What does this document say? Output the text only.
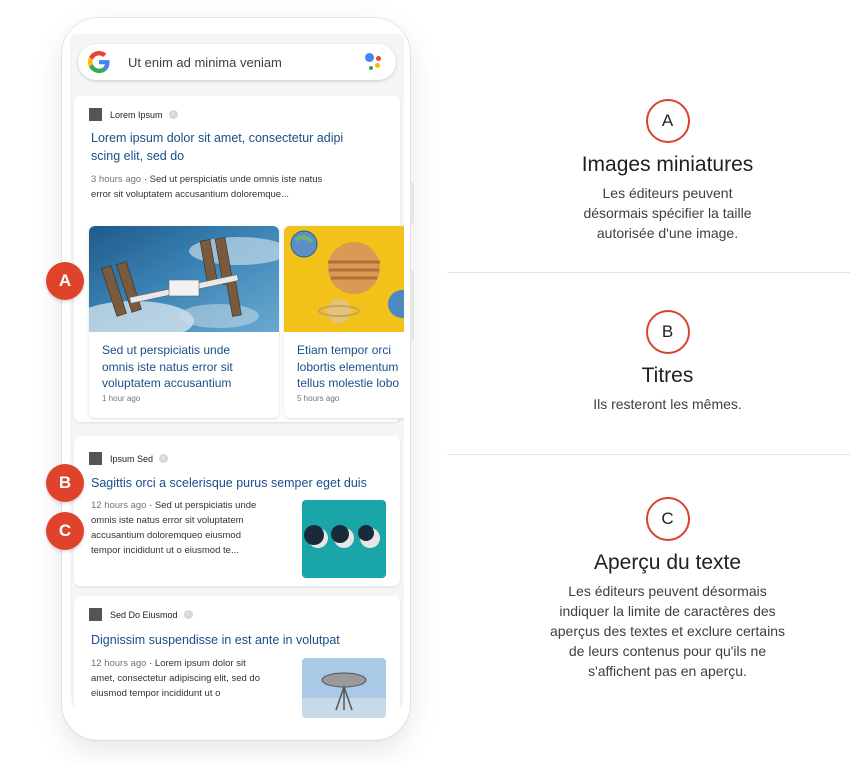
Ut enim ad minima veniam
Lorem Ipsum	i
Lorem ipsum dolor sit amet, consectetur adipi
scing elit, sed do
3 hours ago · Sed ut perspiciatis unde omnis iste natus
error sit voluptatem accusantium doloremque...
Sed ut perspiciatis unde
omnis iste natus error sit
voluptatem accusantium
1 hour ago
Etiam tempor orci
lobortis elementum
tellus molestie lobo
5 hours ago
Ipsum Sed	i
Sagittis orci a scelerisque purus semper eget duis
12 hours ago · Sed ut perspiciatis unde
omnis iste natus error sit voluptatem
accusantium doloremqueo eiusmod
tempor incididunt ut o eiusmod te...
Sed Do Eiusmod	i
Dignissim suspendisse in est ante in volutpat
12 hours ago · Lorem ipsum dolor sit
amet, consectetur adipiscing elit, sed do
eiusmod tempor incididunt ut o
A
B
C
A
Images miniatures
Les éditeurs peuvent
désormais spécifier la taille
autorisée d'une image.
B
Titres
Ils resteront les mêmes.
C
Aperçu du texte
Les éditeurs peuvent désormais
indiquer la limite de caractères des
aperçus des textes et exclure certains
de leurs contenus pour qu'ils ne
s'affichent pas en aperçu.
